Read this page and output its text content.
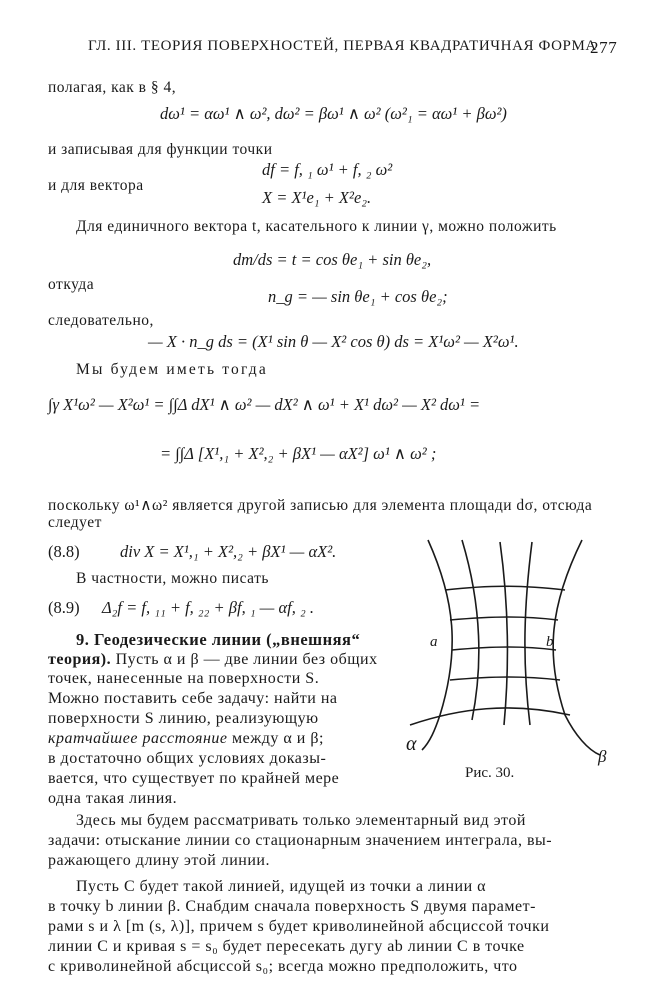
ГЛ. III. ТЕОРИЯ ПОВЕРХНОСТЕЙ, ПЕРВАЯ КВАДРАТИЧНАЯ ФОРМА
277
полагая, как в § 4,
dω¹ = αω¹ ∧ ω², dω² = βω¹ ∧ ω² (ω²₁ = αω¹ + βω²)
и записывая для функции точки
df = f, ₁ ω¹ + f, ₂ ω²
и для вектора
X = X¹e₁ + X²e₂.
Для единичного вектора t, касательного к линии γ, можно положить
dm/ds = t = cos θe₁ + sin θe₂,
откуда
n_g = — sin θe₁ + cos θe₂;
следовательно,
— X · n_g ds = (X¹ sin θ — X² cos θ) ds = X¹ω² — X²ω¹.
Мы будем иметь тогда
∫γ X¹ω² — X²ω¹ = ∫∫Δ dX¹ ∧ ω² — dX² ∧ ω¹ + X¹ dω² — X² dω¹ =
= ∫∫Δ [X¹,₁ + X²,₂ + βX¹ — αX²] ω¹ ∧ ω² ;
поскольку ω¹∧ω² является другой записью для элемента площади dσ, отсюда
следует
(8.8) div X = X¹,₁ + X²,₂ + βX¹ — αX².
В частности, можно писать
(8.9) Δ₂f = f, ₁₁ + f, ₂₂ + βf, ₁ — αf, ₂ .
9. Геодезические линии („внешняя“
теория). Пусть α и β — две линии без общих
точек, нанесенные на поверхности S.
Можно поставить себе задачу: найти на
поверхности S линию, реализующую
кратчайшее расстояние между α и β;
в достаточно общих условиях доказы-
вается, что существует по крайней мере
одна такая линия.
Здесь мы будем рассматривать только элементарный вид этой
задачи: отыскание линии со стационарным значением интеграла, вы-
ражающего длину этой линии.
Пусть C будет такой линией, идущей из точки a линии α
в точку b линии β. Снабдим сначала поверхность S двумя парамет-
рами s и λ [m (s, λ)], причем s будет криволинейной абсциссой точки
линии C и кривая s = s₀ будет пересекать дугу ab линии C в точке
с криволинейной абсциссой s₀; всегда можно предположить, что
a	b
α
β
Рис. 30.
